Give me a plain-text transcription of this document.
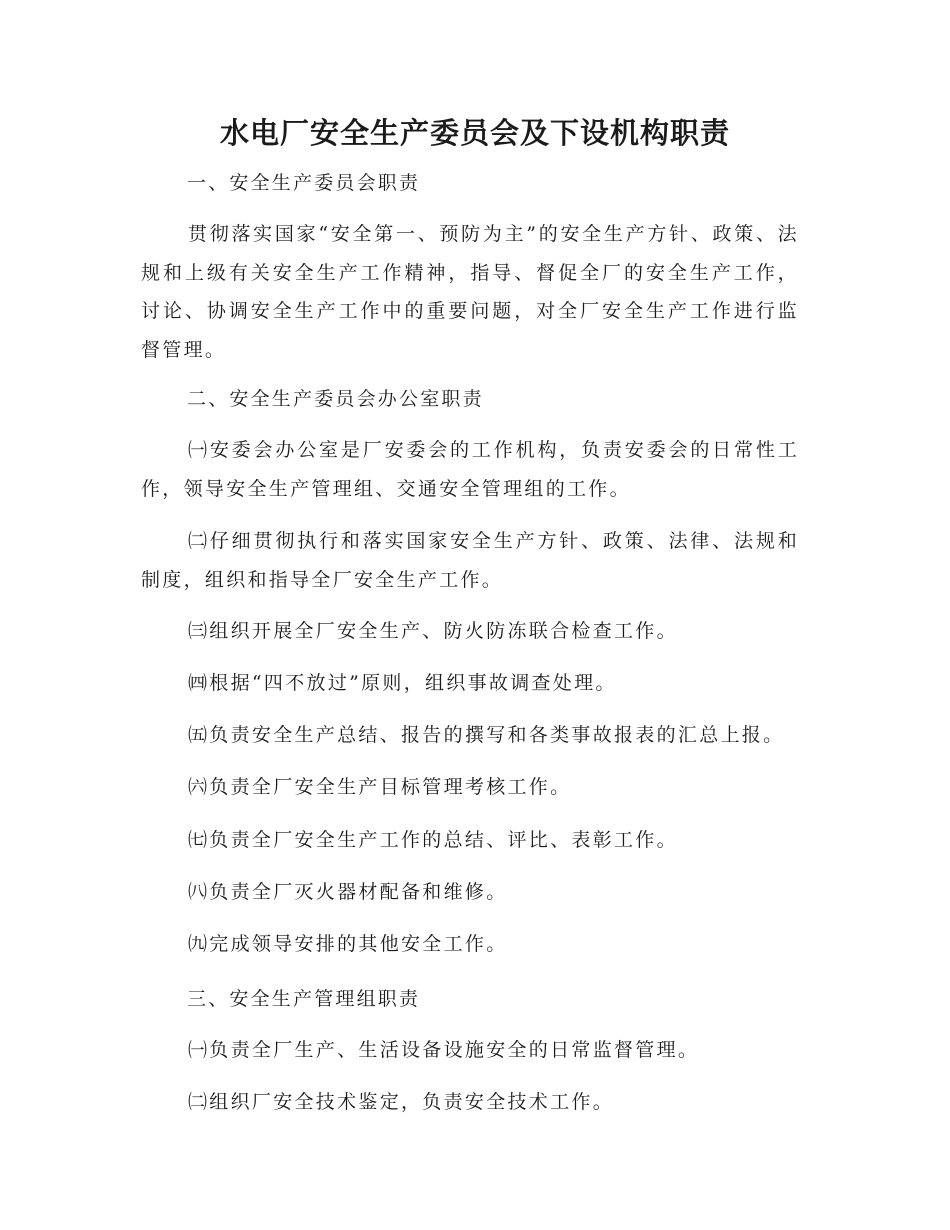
水电厂安全生产委员会及下设机构职责
一、安全生产委员会职责
贯彻落实国家“安全第一、预防为主”的安全生产方针、政策、法规和上级有关安全生产工作精神，指导、督促全厂的安全生产工作，讨论、协调安全生产工作中的重要问题，对全厂安全生产工作进行监督管理。
二、安全生产委员会办公室职责
㈠安委会办公室是厂安委会的工作机构，负责安委会的日常性工作，领导安全生产管理组、交通安全管理组的工作。
㈡仔细贯彻执行和落实国家安全生产方针、政策、法律、法规和制度，组织和指导全厂安全生产工作。
㈢组织开展全厂安全生产、防火防冻联合检查工作。
㈣根据“四不放过”原则，组织事故调查处理。
㈤负责安全生产总结、报告的撰写和各类事故报表的汇总上报。
㈥负责全厂安全生产目标管理考核工作。
㈦负责全厂安全生产工作的总结、评比、表彰工作。
㈧负责全厂灭火器材配备和维修。
㈨完成领导安排的其他安全工作。
三、安全生产管理组职责
㈠负责全厂生产、生活设备设施安全的日常监督管理。
㈡组织厂安全技术鉴定，负责安全技术工作。
